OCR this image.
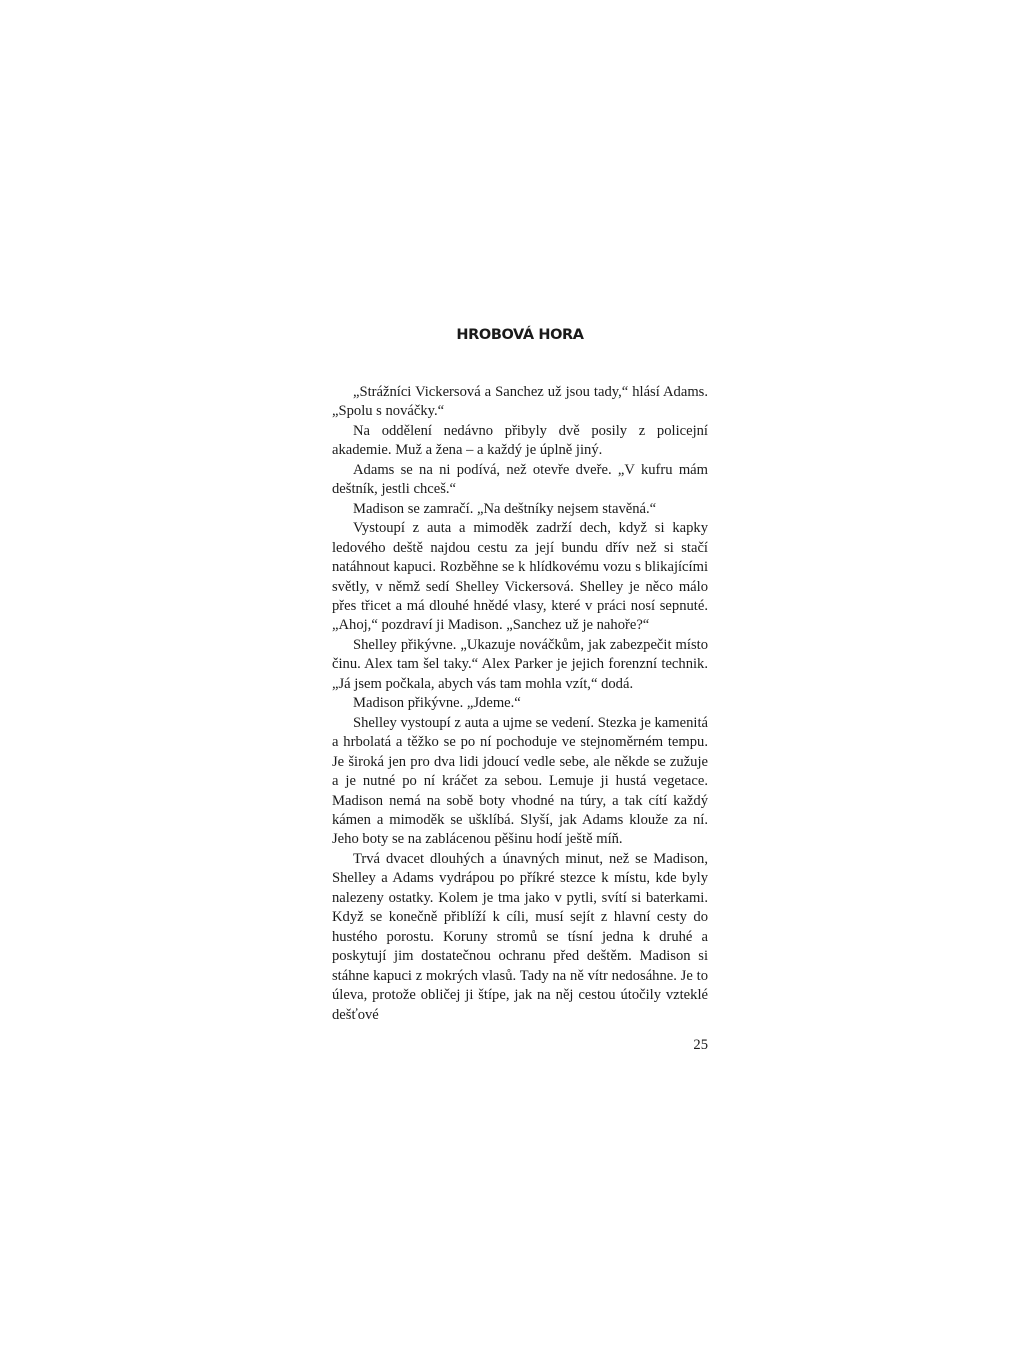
HROBOVÁ HORA

„Strážníci Vickersová a Sanchez už jsou tady,“ hlásí Adams. „Spolu s nováčky.“

Na oddělení nedávno přibyly dvě posily z policejní akademie. Muž a žena – a každý je úplně jiný.

Adams se na ni podívá, než otevře dveře. „V kufru mám deštník, jestli chceš.“

Madison se zamračí. „Na deštníky nejsem stavěná.“

Vystoupí z auta a mimoděk zadrží dech, když si kapky ledového deště najdou cestu za její bundu dřív než si stačí natáhnout kapuci. Rozběhne se k hlídkovému vozu s blikajícími světly, v němž sedí Shelley Vickersová. Shelley je něco málo přes třicet a má dlouhé hnědé vlasy, které v práci nosí sepnuté. „Ahoj,“ pozdraví ji Madison. „Sanchez už je nahoře?“

Shelley přikývne. „Ukazuje nováčkům, jak zabezpečit místo činu. Alex tam šel taky.“ Alex Parker je jejich forenzní technik. „Já jsem počkala, abych vás tam mohla vzít,“ dodá.

Madison přikývne. „Jdeme.“

Shelley vystoupí z auta a ujme se vedení. Stezka je kamenitá a hrbolatá a těžko se po ní pochoduje ve stejnoměrném tempu. Je široká jen pro dva lidi jdoucí vedle sebe, ale někde se zužuje a je nutné po ní kráčet za sebou. Lemuje ji hustá vegetace. Madison nemá na sobě boty vhodné na túry, a tak cítí každý kámen a mimoděk se ušklíbá. Slyší, jak Adams klouže za ní. Jeho boty se na zablácenou pěšinu hodí ještě míň.

Trvá dvacet dlouhých a únavných minut, než se Madison, Shelley a Adams vydrápou po příkré stezce k místu, kde byly nalezeny ostatky. Kolem je tma jako v pytli, svítí si baterkami. Když se konečně přiblíží k cíli, musí sejít z hlavní cesty do hustého porostu. Koruny stromů se tísní jedna k druhé a poskytují jim dostatečnou ochranu před deštěm. Madison si stáhne kapuci z mokrých vlasů. Tady na ně vítr nedosáhne. Je to úleva, protože obličej ji štípe, jak na něj cestou útočily vzteklé dešťové

25
